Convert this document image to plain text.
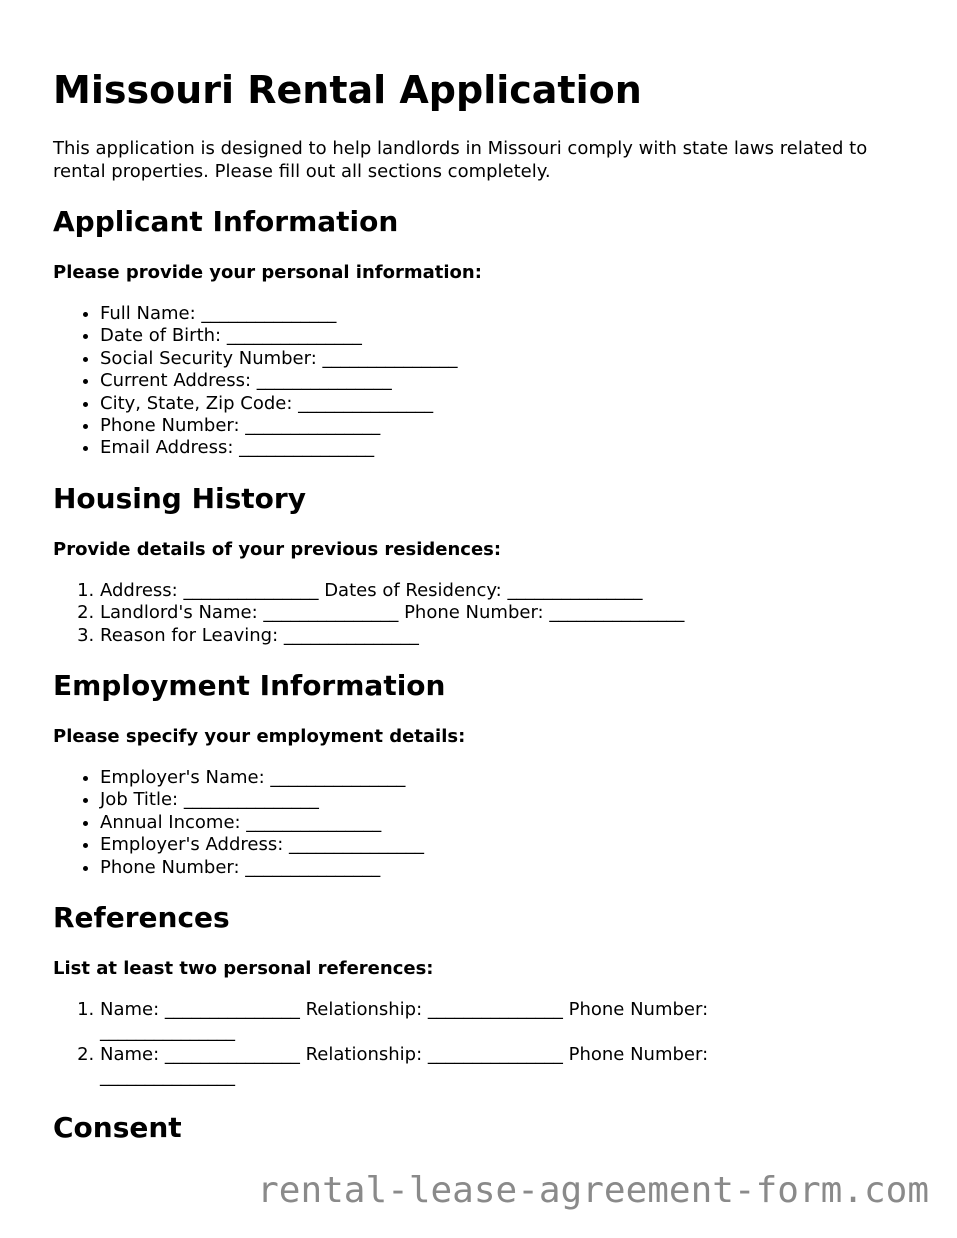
Missouri Rental Application

This application is designed to help landlords in Missouri comply with state laws related to rental properties. Please fill out all sections completely.

Applicant Information

Please provide your personal information:

• Full Name: _______________
• Date of Birth: _______________
• Social Security Number: _______________
• Current Address: _______________
• City, State, Zip Code: _______________
• Phone Number: _______________
• Email Address: _______________
Housing History

Provide details of your previous residences:

1. Address: _______________ Dates of Residency: _______________
2. Landlord's Name: _______________ Phone Number: _______________
3. Reason for Leaving: _______________
Employment Information

Please specify your employment details:

• Employer's Name: _______________
• Job Title: _______________
• Annual Income: _______________
• Employer's Address: _______________
• Phone Number: _______________
References

List at least two personal references:

1. Name: _______________ Relationship: _______________ Phone Number: _______________
2. Name: _______________ Relationship: _______________ Phone Number: _______________
Consent
rental-lease-agreement-form.com
